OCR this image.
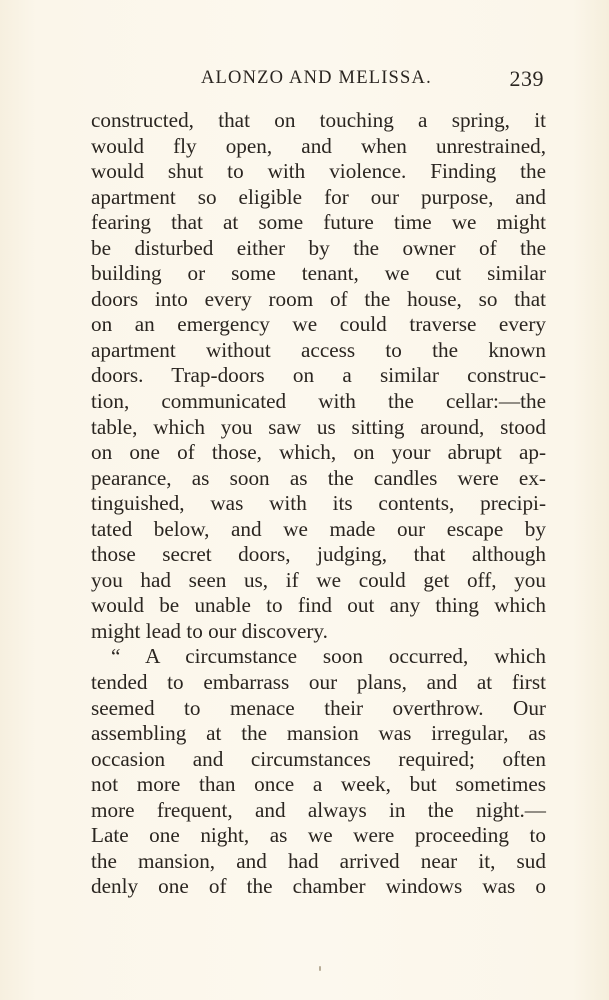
ALONZO AND MELISSA.	239
constructed, that on touching a spring, it
would fly open, and when unrestrained,
would shut to with violence. Finding the
apartment so eligible for our purpose, and
fearing that at some future time we might
be disturbed either by the owner of the
building or some tenant, we cut similar
doors into every room of the house, so that
on an emergency we could traverse every
apartment without access to the known
doors. Trap-doors on a similar construc-
tion, communicated with the cellar:—the
table, which you saw us sitting around, stood
on one of those, which, on your abrupt ap-
pearance, as soon as the candles were ex-
tinguished, was with its contents, precipi-
tated below, and we made our escape by
those secret doors, judging, that although
you had seen us, if we could get off, you
would be unable to find out any thing which
might lead to our discovery.
“ A circumstance soon occurred, which
tended to embarrass our plans, and at first
seemed to menace their overthrow. Our
assembling at the mansion was irregular, as
occasion and circumstances required; often
not more than once a week, but sometimes
more frequent, and always in the night.—
Late one night, as we were proceeding to
the mansion, and had arrived near it, sud
denly one of the chamber windows was o
